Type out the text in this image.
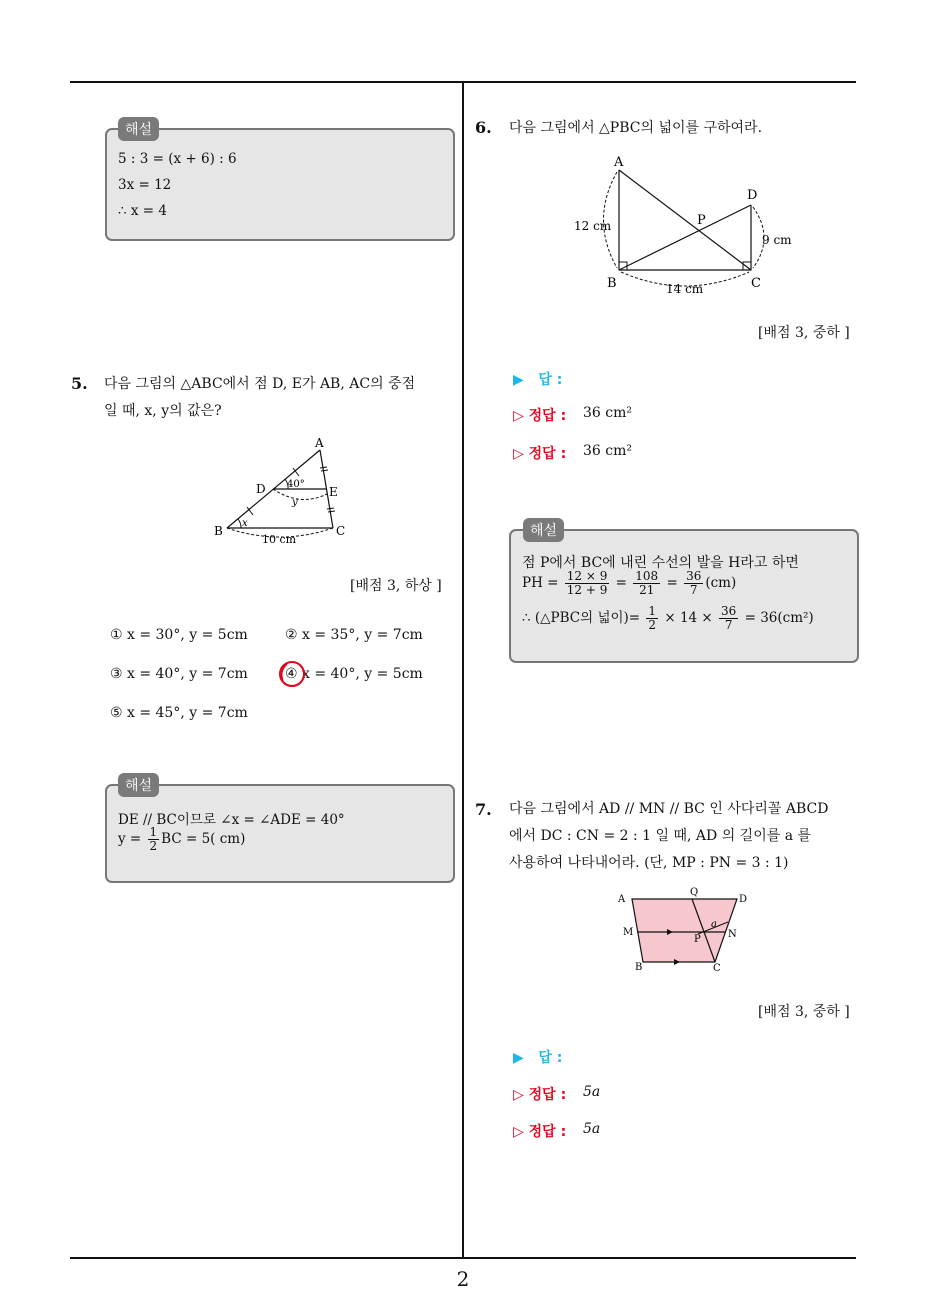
해설
5 : 3 = (x + 6) : 6
3x = 12
∴ x = 4
5. 다음 그림의 △ABC에서 점 D, E가 AB, AC의 중점
일 때, x, y의 값은?
A
D	E
B	C
40°
y
x
10 cm
[배점 3, 하상 ]
① x = 30°, y = 5cm	② x = 35°, y = 7cm
③ x = 40°, y = 7cm	④ x = 40°, y = 5cm
⑤ x = 45°, y = 7cm
해설
DE // BC이므로 ∠x = ∠ADE = 40°
$y = \frac{1}{2}$ BC = 5( cm)
6. 다음 그림에서 △PBC의 넓이를 구하여라.
A
D
P
B	C
12 cm
9 cm
14 cm
[배점 3, 중하 ]
▶ 답 :
▷ 정답 : 36 cm²
▷ 정답 : 36 cm²
해설
점 P에서 BC에 내린 수선의 발을 H라고 하면
PH = $\frac{12 \times 9}{12 + 9} = \frac{108}{21} = \frac{36}{7} (cm)$
∴ (△PBC의 넓이)= $\frac{1}{2} \times 14 \times \frac{36}{7} = 36(cm^2)$
7. 다음 그림에서 AD // MN // BC 인 사다리꼴 ABCD
에서 DC : CN = 2 : 1 일 때, AD 의 길이를 a 를
사용하여 나타내어라. (단, MP : PN = 3 : 1)
A
Q
D
M
P	N
a
B	C
[배점 3, 중하 ]
▶ 답 :
▷ 정답 : 5a
▷ 정답 : 5a
2
